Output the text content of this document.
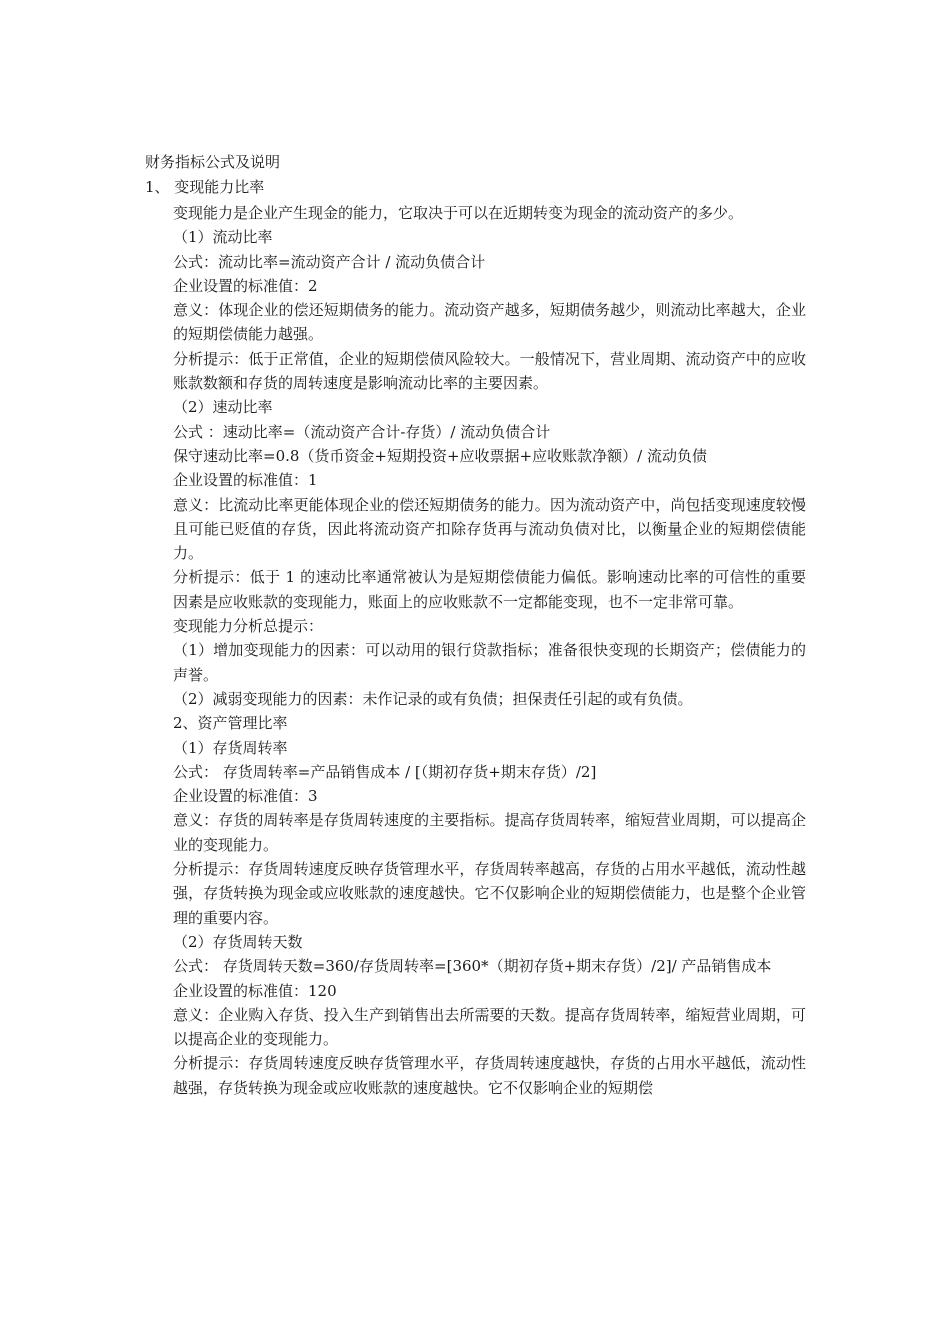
财务指标公式及说明
1、 变现能力比率

变现能力是企业产生现金的能力，它取决于可以在近期转变为现金的流动资产的多少。

（1）流动比率

公式：流动比率=流动资产合计 / 流动负债合计

企业设置的标准值：2

意义：体现企业的偿还短期债务的能力。流动资产越多，短期债务越少，则流动比率越大，企业的短期偿债能力越强。

分析提示：低于正常值，企业的短期偿债风险较大。一般情况下，营业周期、流动资产中的应收账款数额和存货的周转速度是影响流动比率的主要因素。

（2）速动比率

公式 ：速动比率=（流动资产合计-存货）/ 流动负债合计

保守速动比率=0.8（货币资金+短期投资+应收票据+应收账款净额）/ 流动负债

企业设置的标准值：1

意义：比流动比率更能体现企业的偿还短期债务的能力。因为流动资产中，尚包括变现速度较慢且可能已贬值的存货，因此将流动资产扣除存货再与流动负债对比，以衡量企业的短期偿债能力。

分析提示：低于 1 的速动比率通常被认为是短期偿债能力偏低。影响速动比率的可信性的重要因素是应收账款的变现能力，账面上的应收账款不一定都能变现，也不一定非常可靠。

变现能力分析总提示：

（1）增加变现能力的因素：可以动用的银行贷款指标；准备很快变现的长期资产；偿债能力的声誉。

（2）减弱变现能力的因素：未作记录的或有负债；担保责任引起的或有负债。

2、资产管理比率

（1）存货周转率

公式： 存货周转率=产品销售成本 / [（期初存货+期末存货）/2]

企业设置的标准值：3

意义：存货的周转率是存货周转速度的主要指标。提高存货周转率，缩短营业周期，可以提高企业的变现能力。

分析提示：存货周转速度反映存货管理水平，存货周转率越高，存货的占用水平越低，流动性越强，存货转换为现金或应收账款的速度越快。它不仅影响企业的短期偿债能力，也是整个企业管理的重要内容。

（2）存货周转天数

公式： 存货周转天数=360/存货周转率=[360*（期初存货+期末存货）/2]/ 产品销售成本

企业设置的标准值：120

意义：企业购入存货、投入生产到销售出去所需要的天数。提高存货周转率，缩短营业周期，可以提高企业的变现能力。

分析提示：存货周转速度反映存货管理水平，存货周转速度越快，存货的占用水平越低，流动性越强，存货转换为现金或应收账款的速度越快。它不仅影响企业的短期偿
